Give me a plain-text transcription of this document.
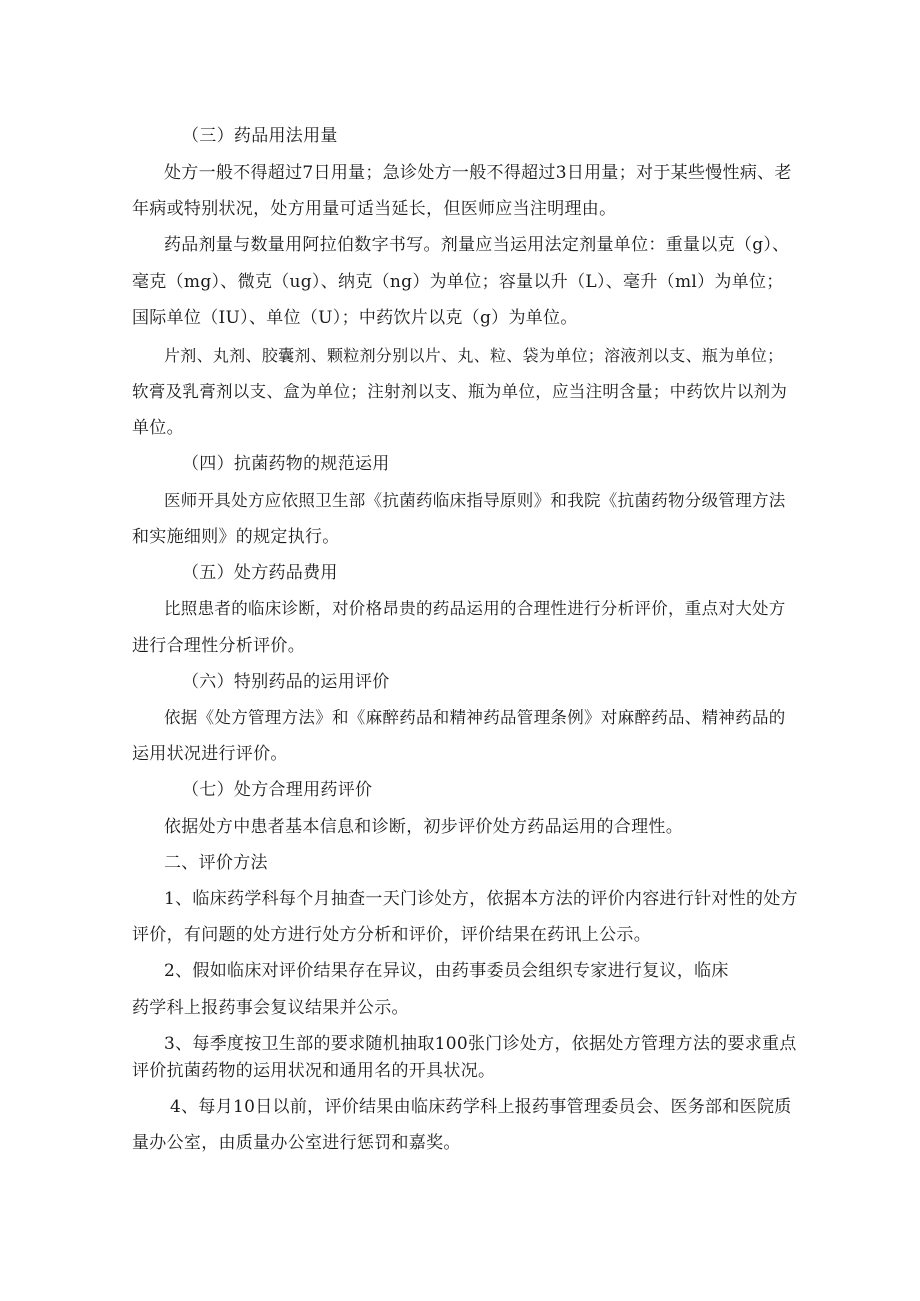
（三）药品用法用量
处方一般不得超过7日用量；急诊处方一般不得超过3日用量；对于某些慢性病、老
年病或特别状况，处方用量可适当延长，但医师应当注明理由。
药品剂量与数量用阿拉伯数字书写。剂量应当运用法定剂量单位：重量以克（g）、
毫克（mg）、微克（ug）、纳克（ng）为单位；容量以升（L）、毫升（ml）为单位；
国际单位（IU）、单位（U）；中药饮片以克（g）为单位。
片剂、丸剂、胶囊剂、颗粒剂分别以片、丸、粒、袋为单位；溶液剂以支、瓶为单位；
软膏及乳膏剂以支、盒为单位；注射剂以支、瓶为单位，应当注明含量；中药饮片以剂为
单位。
（四）抗菌药物的规范运用
医师开具处方应依照卫生部《抗菌药临床指导原则》和我院《抗菌药物分级管理方法
和实施细则》的规定执行。
（五）处方药品费用
比照患者的临床诊断，对价格昂贵的药品运用的合理性进行分析评价，重点对大处方
进行合理性分析评价。
（六）特别药品的运用评价
依据《处方管理方法》和《麻醉药品和精神药品管理条例》对麻醉药品、精神药品的
运用状况进行评价。
（七）处方合理用药评价
依据处方中患者基本信息和诊断，初步评价处方药品运用的合理性。
二、评价方法
1、临床药学科每个月抽查一天门诊处方，依据本方法的评价内容进行针对性的处方
评价，有问题的处方进行处方分析和评价，评价结果在药讯上公示。
2、假如临床对评价结果存在异议，由药事委员会组织专家进行复议，临床
药学科上报药事会复议结果并公示。
3、每季度按卫生部的要求随机抽取100张门诊处方，依据处方管理方法的要求重点
评价抗菌药物的运用状况和通用名的开具状况。
4、每月10日以前，评价结果由临床药学科上报药事管理委员会、医务部和医院质
量办公室，由质量办公室进行惩罚和嘉奖。
